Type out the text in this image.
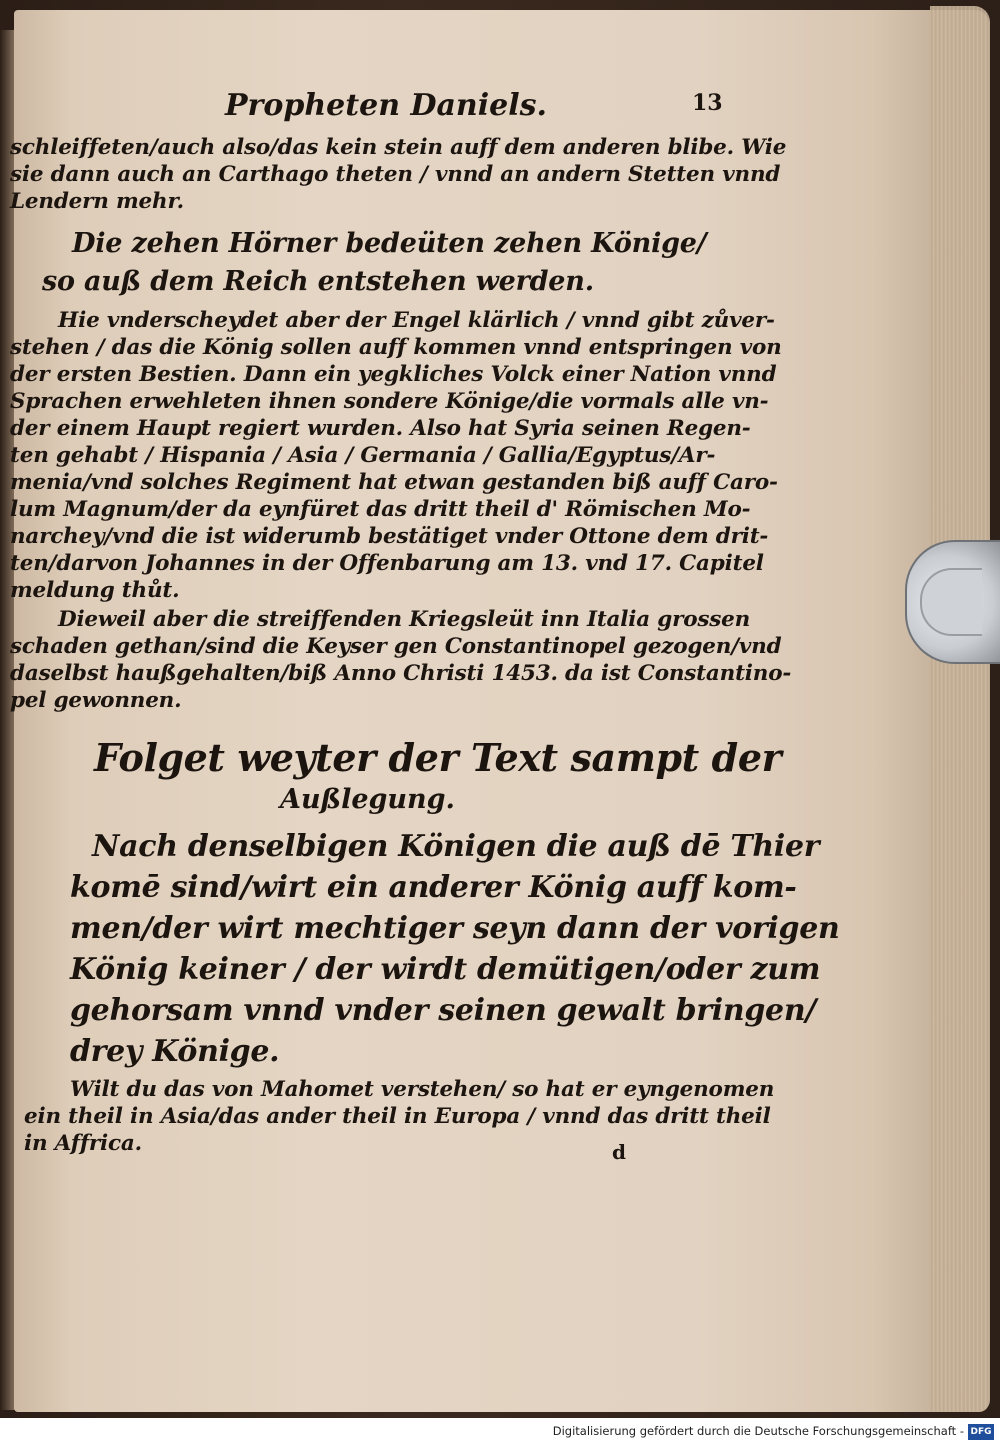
Propheten Daniels.	13
schleiffeten/auch also/das kein stein auff dem anderen blibe. Wie
sie dann auch an Carthago theten / vnnd an andern Stetten vnnd
Lendern mehr.
Die zehen Hörner bedeüten zehen Könige/
so auß dem Reich entstehen werden.
Hie vnderscheydet aber der Engel klärlich / vnnd gibt zůver-
stehen / das die König sollen auff kommen vnnd entspringen von
der ersten Bestien. Dann ein yegkliches Volck einer Nation vnnd
Sprachen erwehleten ihnen sondere Könige/die vormals alle vn-
der einem Haupt regiert wurden. Also hat Syria seinen Regen-
ten gehabt / Hispania / Asia / Germania / Gallia/Egyptus/Ar-
menia/vnd solches Regiment hat etwan gestanden biß auff Caro-
lum Magnum/der da eynfüret das dritt theil d' Römischen Mo-
narchey/vnd die ist widerumb bestätiget vnder Ottone dem drit-
ten/darvon Johannes in der Offenbarung am 13. vnd 17. Capitel
meldung thůt.
Dieweil aber die streiffenden Kriegsleüt inn Italia grossen
schaden gethan/sind die Keyser gen Constantinopel gezogen/vnd
daselbst haußgehalten/biß Anno Christi 1453. da ist Constantino-
pel gewonnen.
Folget weyter der Text sampt der
Außlegung.
Nach denselbigen Königen die auß dē Thier
komē sind/wirt ein anderer König auff kom-
men/der wirt mechtiger seyn dann der vorigen
König keiner / der wirdt demütigen/oder zum
gehorsam vnnd vnder seinen gewalt bringen/
drey Könige.
Wilt du das von Mahomet verstehen/ so hat er eyngenomen
ein theil in Asia/das ander theil in Europa / vnnd das dritt theil
in Affrica.	d
Digitalisierung gefördert durch die Deutsche Forschungsgemeinschaft - DFG
